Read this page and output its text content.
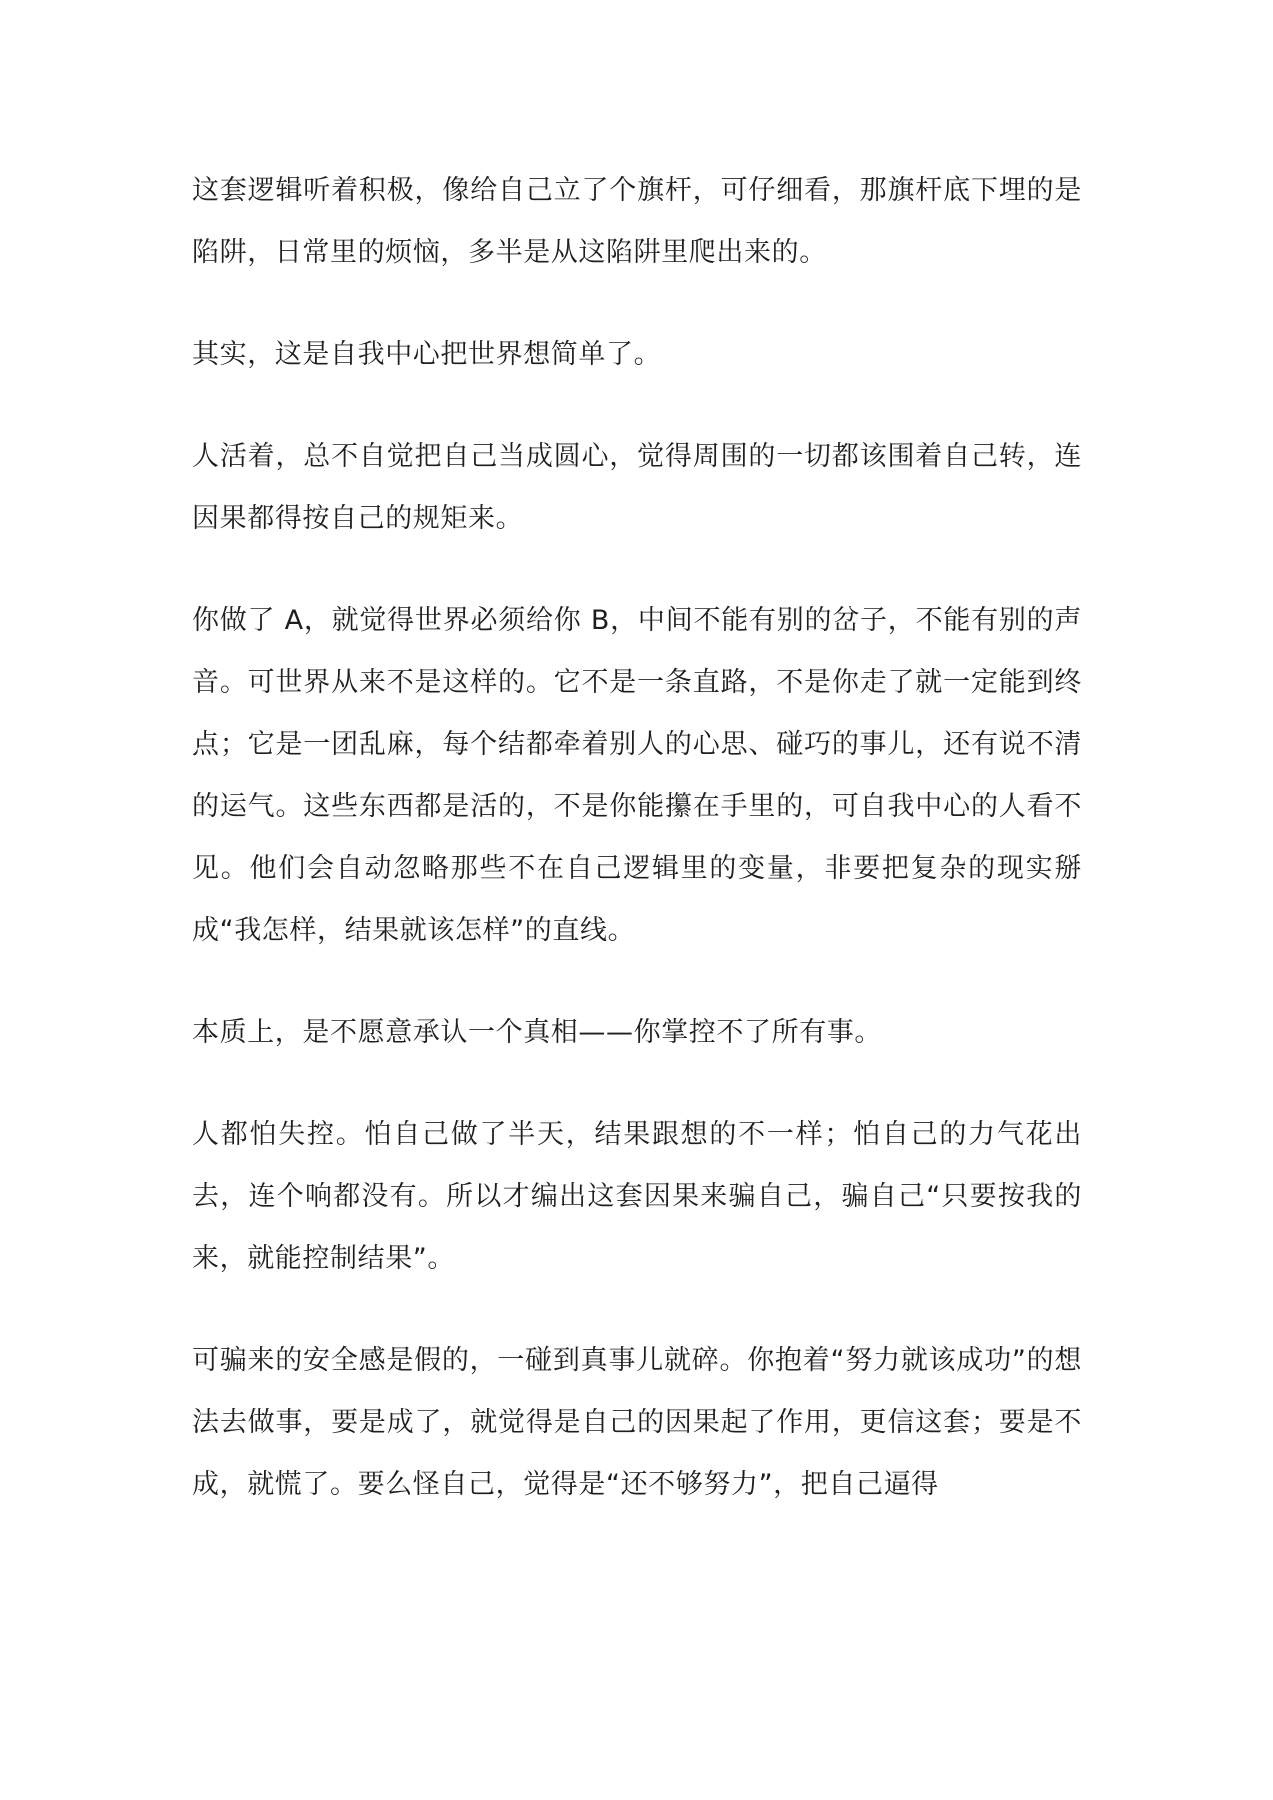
这套逻辑听着积极，像给自己立了个旗杆，可仔细看，那旗杆底下埋的是陷阱，日常里的烦恼，多半是从这陷阱里爬出来的。

其实，这是自我中心把世界想简单了。

人活着，总不自觉把自己当成圆心，觉得周围的一切都该围着自己转，连因果都得按自己的规矩来。

你做了 A，就觉得世界必须给你 B，中间不能有别的岔子，不能有别的声音。可世界从来不是这样的。它不是一条直路，不是你走了就一定能到终点；它是一团乱麻，每个结都牵着别人的心思、碰巧的事儿，还有说不清的运气。这些东西都是活的，不是你能攥在手里的，可自我中心的人看不见。他们会自动忽略那些不在自己逻辑里的变量，非要把复杂的现实掰成“我怎样，结果就该怎样”的直线。

本质上，是不愿意承认一个真相——你掌控不了所有事。

人都怕失控。怕自己做了半天，结果跟想的不一样；怕自己的力气花出去，连个响都没有。所以才编出这套因果来骗自己，骗自己“只要按我的来，就能控制结果”。

可骗来的安全感是假的，一碰到真事儿就碎。你抱着“努力就该成功”的想法去做事，要是成了，就觉得是自己的因果起了作用，更信这套；要是不成，就慌了。要么怪自己，觉得是“还不够努力”，把自己逼得
